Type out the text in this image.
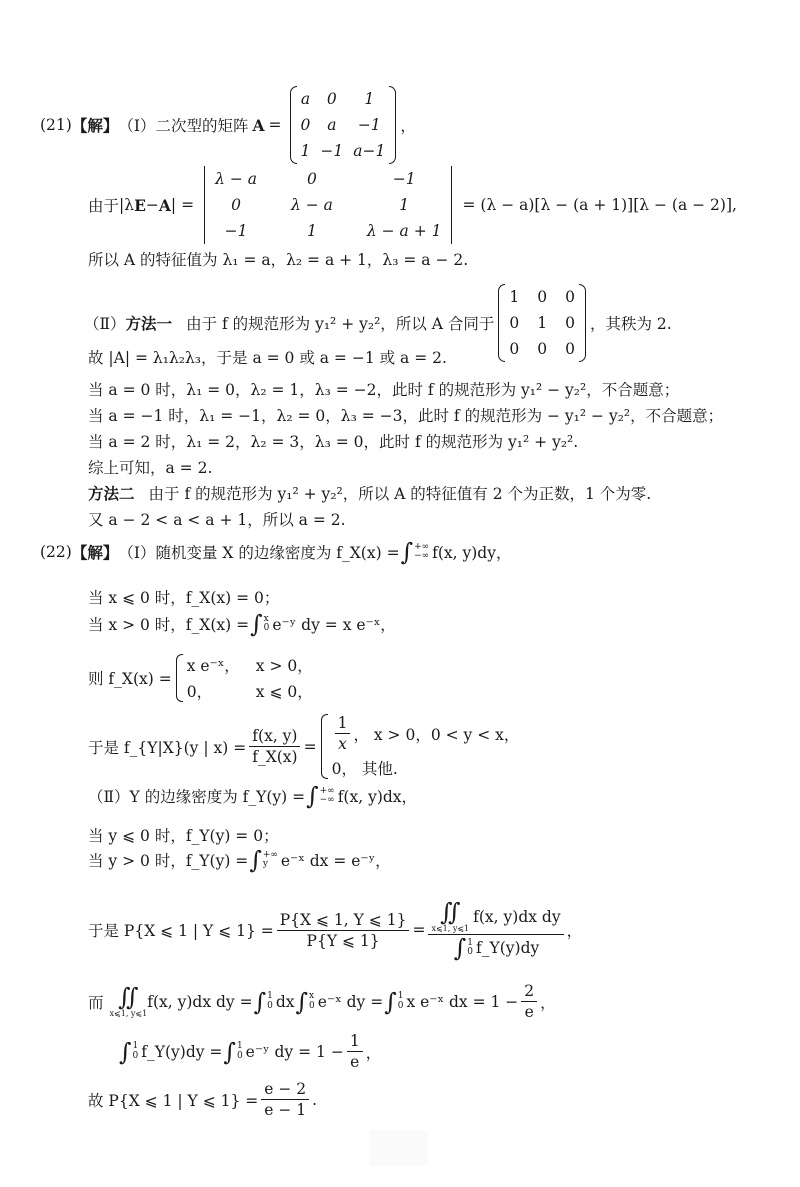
(21) 【解】 （Ⅰ） 二次型的矩阵 A =
a 0 1
0 a −1
1 −1 a−1
，
由于 |λ E − A | =
λ − a	0	−1
0	λ − a	1
−1	1	λ − a + 1
= (λ − a)[λ − (a + 1)][λ − (a − 2)],
所以 A 的特征值为 λ₁ = a，λ₂ = a + 1，λ₃ = a − 2.
（Ⅱ） 方法一 由于 f 的规范形为 y₁² + y₂²，所以 A 合同于
1 0 0
0 1 0
0 0 0
，其秩为 2.
故 |A| = λ₁λ₂λ₃，于是 a = 0 或 a = −1 或 a = 2.
当 a = 0 时，λ₁ = 0，λ₂ = 1，λ₃ = −2，此时 f 的规范形为 y₁² − y₂²，不合题意；
当 a = −1 时，λ₁ = −1，λ₂ = 0，λ₃ = −3，此时 f 的规范形为 − y₁² − y₂²，不合题意；
当 a = 2 时，λ₁ = 2，λ₂ = 3，λ₃ = 0，此时 f 的规范形为 y₁² + y₂².
综上可知，a = 2.
方法二 由于 f 的规范形为 y₁² + y₂²，所以 A 的特征值有 2 个为正数，1 个为零.
又 a − 2 < a < a + 1，所以 a = 2.
(22) 【解】 （Ⅰ） 随机变量 X 的边缘密度为 f_X(x) = ∫ +∞
−∞ f(x, y)dy，
当 x ⩽ 0 时，f_X(x) = 0；
当 x > 0 时，f_X(x) = ∫ x
0 e⁻ʸ dy = x e⁻ˣ，
则 f_X(x) =
x e⁻ˣ， x > 0，
0，	x ⩽ 0，
于是 f_{Y|X}(y | $x) = \frac{f(x, y)}{f\_X(x)} = \frac{1}{x}$ ， x > 0，0 < y < x，
0， 其他.
（Ⅱ） Y 的边缘密度为 f_Y(y) = ∫ +∞
−∞ f(x, y)dx，
当 y ⩽ 0 时，f_Y(y) = 0；
当 y > 0 时，f_Y(y) = ∫ +∞
y e⁻ˣ dx = e⁻ʸ，
于是 P{X ⩽ 1 | Y ⩽ $1\} = \frac{P\{X ⩽ 1, Y ⩽ 1\}}{P\{Y ⩽ 1\}}$ = ∬
x⩽1, y⩽1
f(x, y)dx dy
∫ 1
0 f_Y(y)dy ，
而 ∬
x⩽1, y⩽1
f(x, y)dx dy = ∫ 1
0 dx ∫ x
0 e⁻ˣ dy = ∫ 1
0 x e⁻ˣ dx = $1 - \frac{2}{e}$ ，
∫ 1
0 f_Y(y)dy = ∫ 1
0 e⁻ʸ dy = $1 - \frac{1}{e}$ ，
故 P{X ⩽ 1 | Y ⩽ $1\} = \frac{e - 2}{e - 1}$ .
